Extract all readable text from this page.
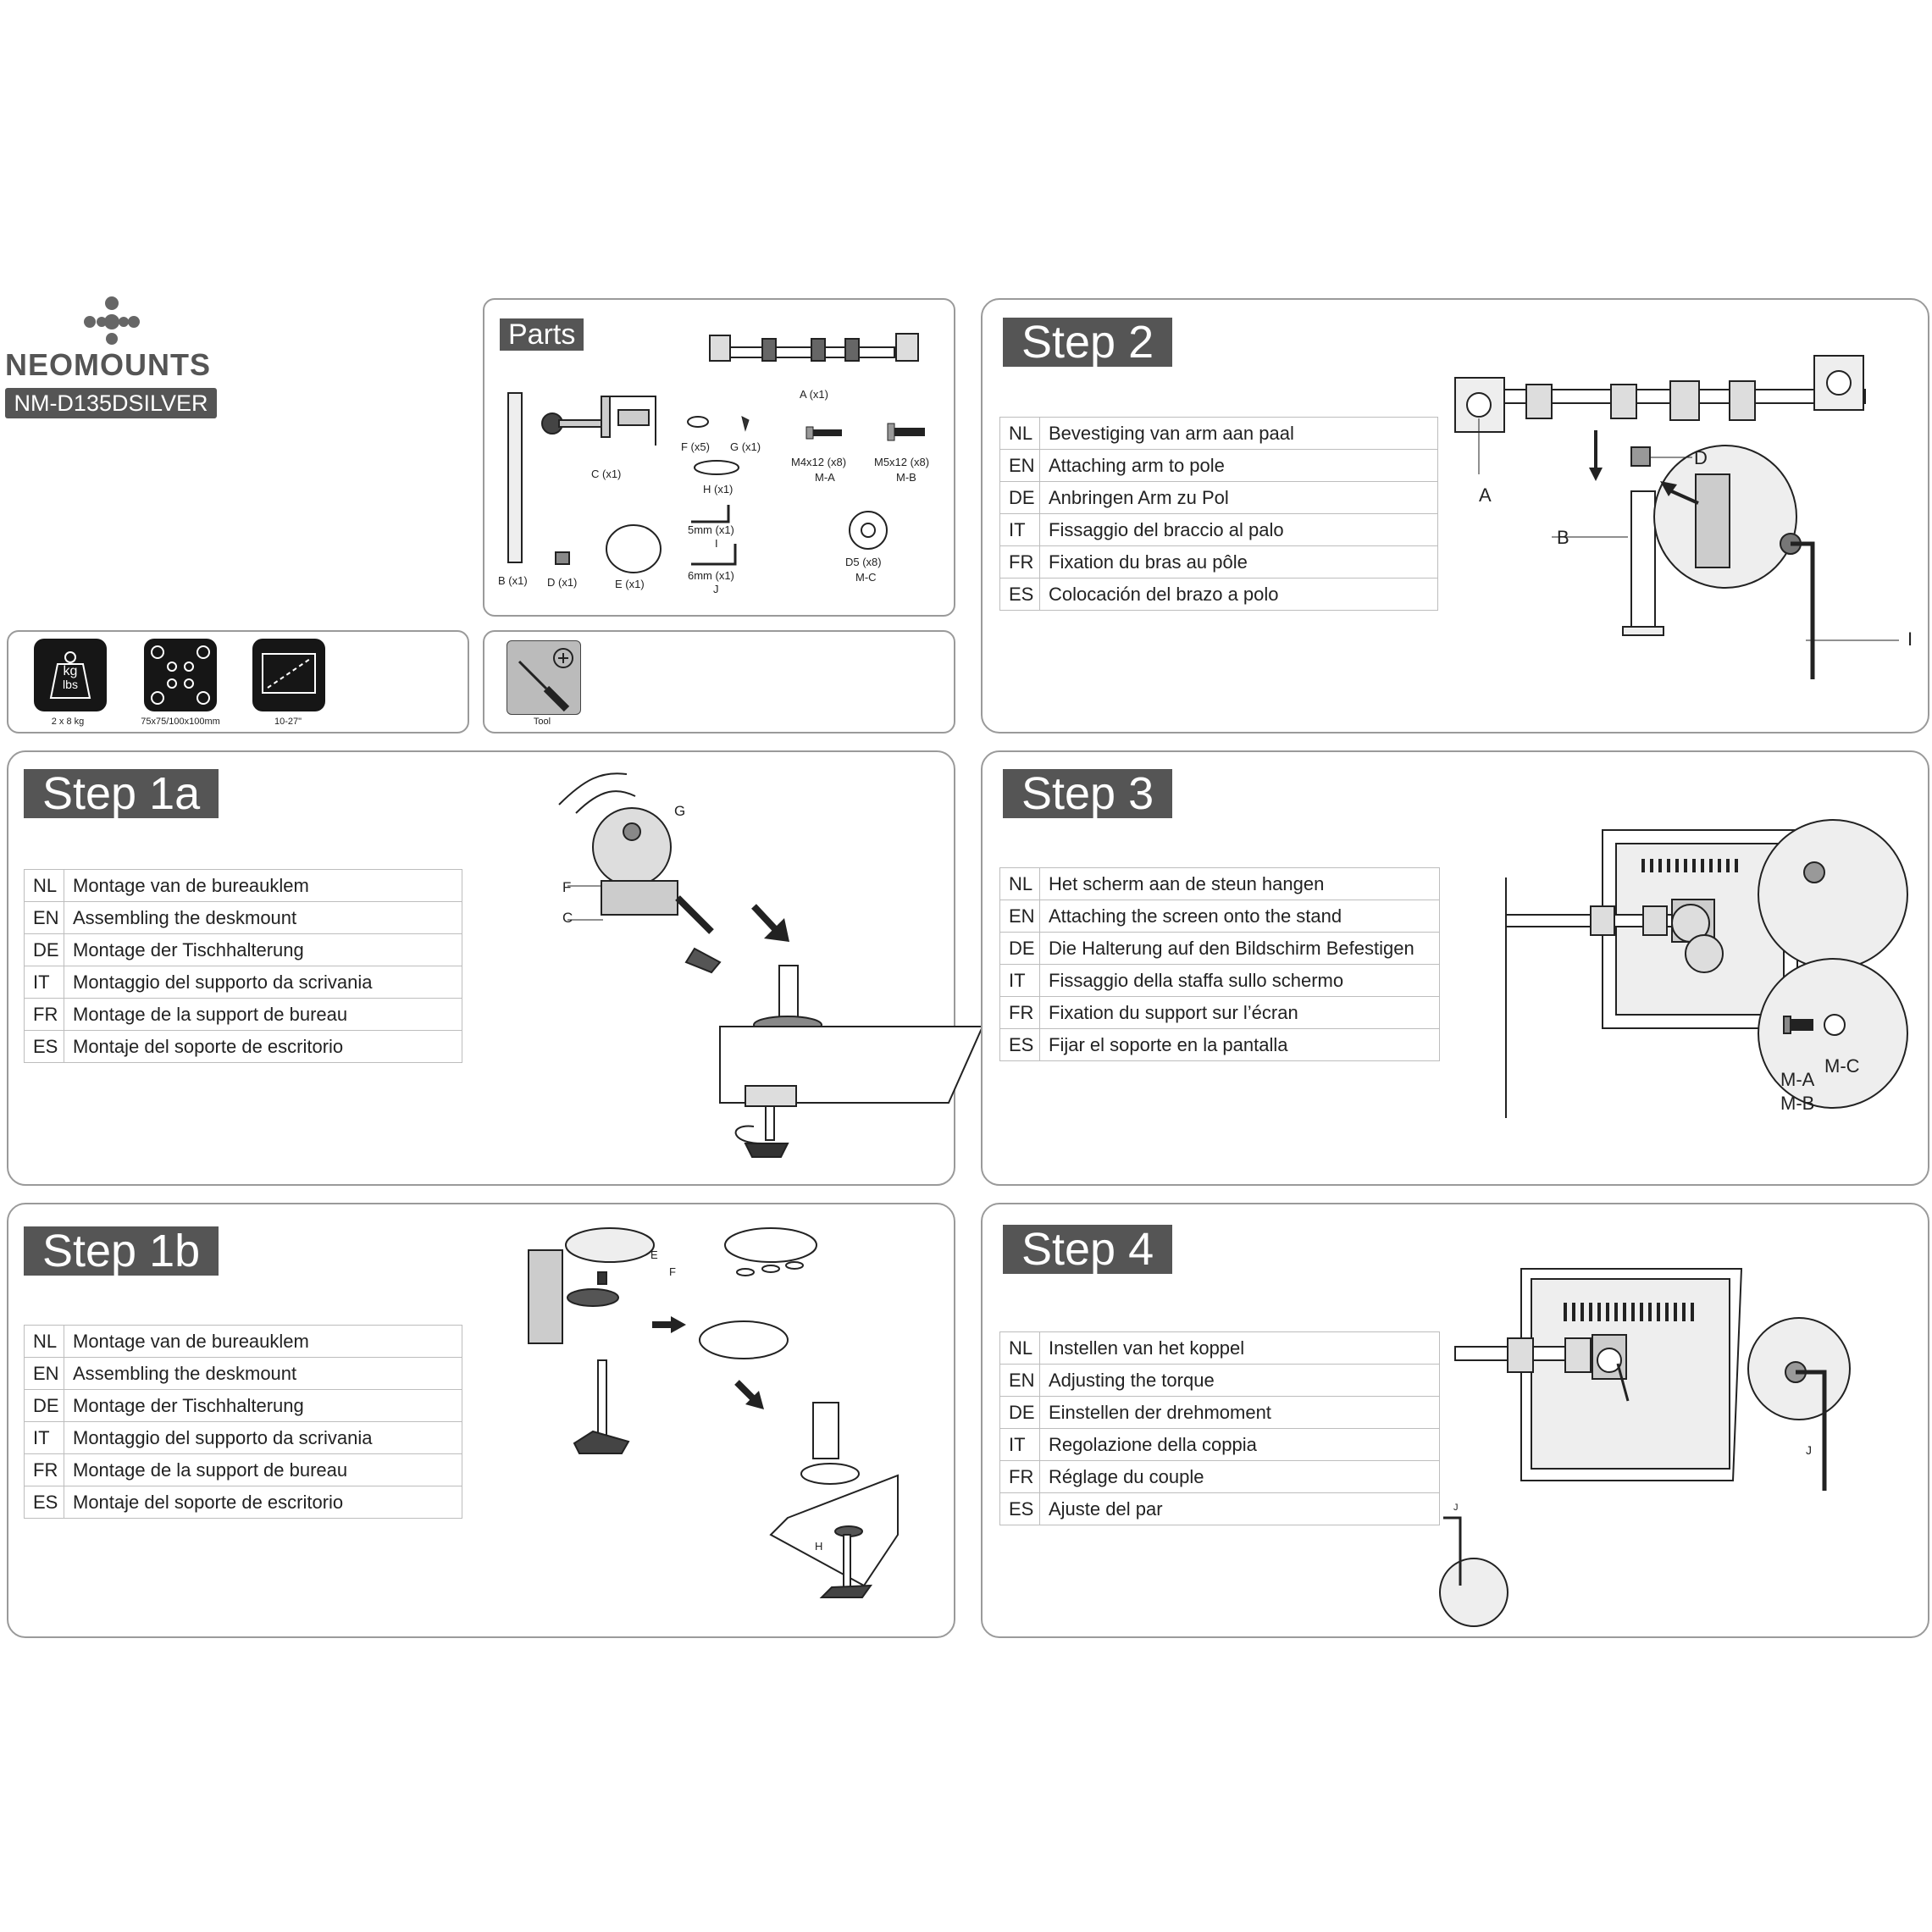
NEOMOUNTS
NM-D135DSILVER
Parts
A (x1)
B (x1)
C (x1)
D (x1)	E (x1)
F (x5) G (x1)
H (x1)
5mm (x1)
I
6mm (x1)
J
M4x12 (x8)
M-A
M5x12 (x8)
M-B
D5 (x8)
M-C
kg
lbs
2 x 8 kg	75x75/100x100mm	10-27"	Tool
Step 2
NL	Bevestiging van arm aan paal
EN	Attaching arm to pole
DE	Anbringen Arm zu Pol
IT	Fissaggio del braccio al palo
FR	Fixation du bras au pôle
ES	Colocación del brazo a polo
A
B
D
I
Step 1a
NL	Montage van de bureauklem
EN	Assembling the deskmount
DE	Montage der Tischhalterung
IT	Montaggio del supporto da scrivania
FR	Montage de la support de bureau
ES	Montaje del soporte de escritorio
G
F
C
Step 3
NL	Het scherm aan de steun hangen
EN	Attaching the screen onto the stand
DE	Die Halterung auf den Bildschirm Befestigen
IT	Fissaggio della staffa sullo schermo
FR	Fixation du support sur l’écran
ES	Fijar el soporte en la pantalla
M-A
M-B
M-C
Step 1b
NL	Montage van de bureauklem
EN	Assembling the deskmount
DE	Montage der Tischhalterung
IT	Montaggio del supporto da scrivania
FR	Montage de la support de bureau
ES	Montaje del soporte de escritorio
E
F
H
Step 4
NL	Instellen van het koppel
EN	Adjusting the torque
DE	Einstellen der drehmoment
IT	Regolazione della coppia
FR	Réglage du couple
ES	Ajuste del par
J
J
